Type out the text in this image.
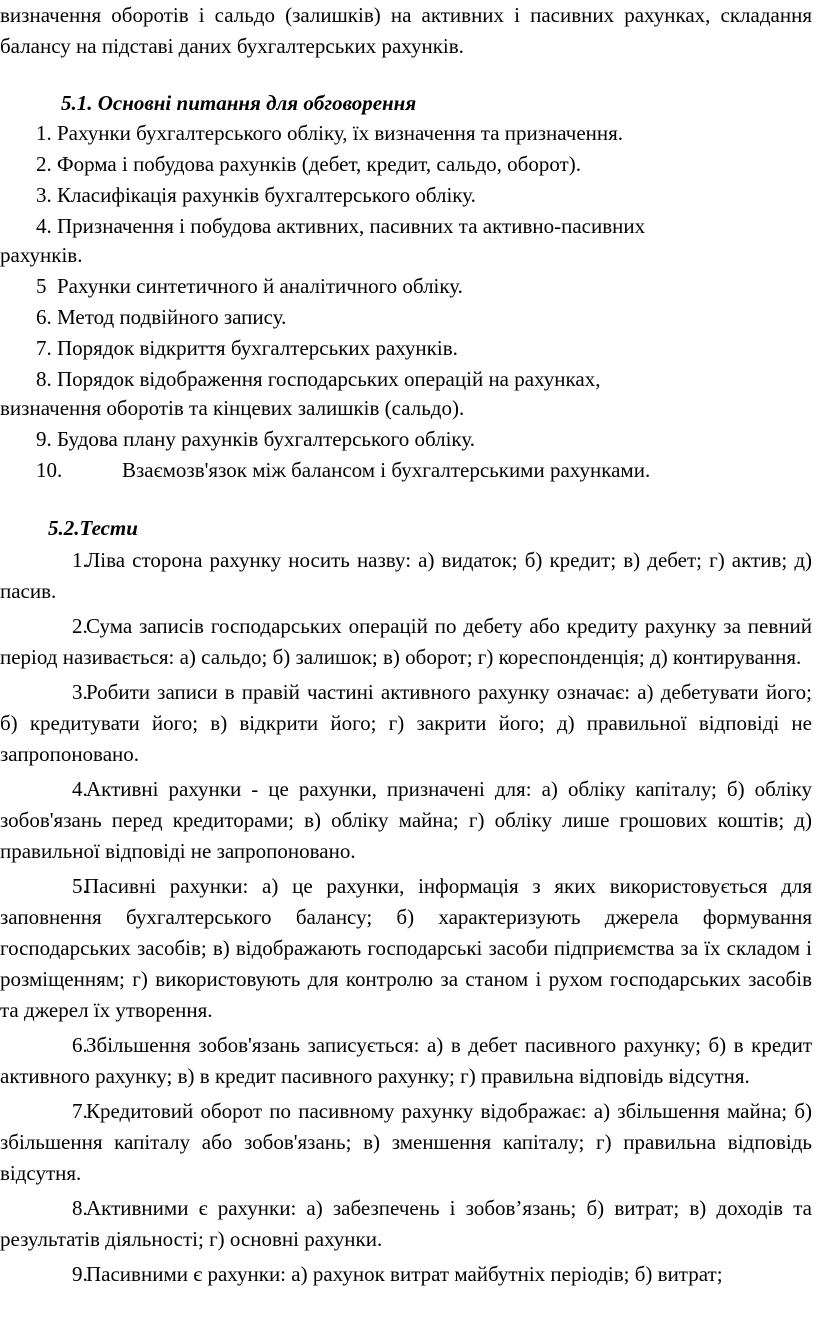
визначення оборотів і сальдо (залишків) на активних і пасивних рахунках, складання балансу на підставі даних бухгалтерських рахунків.

5.1. Основні питання для обговорення

1. Рахунки бухгалтерського обліку, їх визначення та призначення.

2. Форма і побудова рахунків (дебет, кредит, сальдо, оборот).

3. Класифікація рахунків бухгалтерського обліку.

4. Призначення і побудова активних, пасивних та активно-пасивних

рахунків.

5 Рахунки синтетичного й аналітичного обліку.

6. Метод подвійного запису.

7. Порядок відкриття бухгалтерських рахунків.

8. Порядок відображення господарських операцій на рахунках,

визначення оборотів та кінцевих залишків (сальдо).

9. Будова плану рахунків бухгалтерського обліку.

10.	Взаємозв'язок між балансом і бухгалтерськими рахунками.

5.2.Тести

1.Ліва сторона рахунку носить назву: а) видаток; б) кредит; в) дебет; г) актив; д) пасив.

2.Сума записів господарських операцій по дебету або кредиту рахунку за певний період називається: а) сальдо; б) залишок; в) оборот; г) кореспонденція; д) контирування.

3.Робити записи в правій частині активного рахунку означає: а) дебетувати його; б) кредитувати його; в) відкрити його; г) закрити його; д) правильної відповіді не запропоновано.

4.Активні рахунки - це рахунки, призначені для: а) обліку капіталу; б) обліку зобов'язань перед кредиторами; в) обліку майна; г) обліку лише грошових коштів; д) правильної відповіді не запропоновано.

5.Пасивні рахунки: а) це рахунки, інформація з яких використовується для заповнення бухгалтерського балансу; б) характеризують джерела формування господарських засобів; в) відображають господарські засоби підприємства за їх складом і розміщенням; г) використовують для контролю за станом і рухом господарських засобів та джерел їх утворення.

6.Збільшення зобов'язань записується: а) в дебет пасивного рахунку; б) в кредит активного рахунку; в) в кредит пасивного рахунку; г) правильна відповідь відсутня.

7.Кредитовий оборот по пасивному рахунку відображає: а) збільшення майна; б) збільшення капіталу або зобов'язань; в) зменшення капіталу; г) правильна відповідь відсутня.

8.Активними є рахунки: а) забезпечень і зобов’язань; б) витрат; в) доходів та результатів діяльності; г) основні рахунки.

9.Пасивними є рахунки: а) рахунок витрат майбутніх періодів; б) витрат;
